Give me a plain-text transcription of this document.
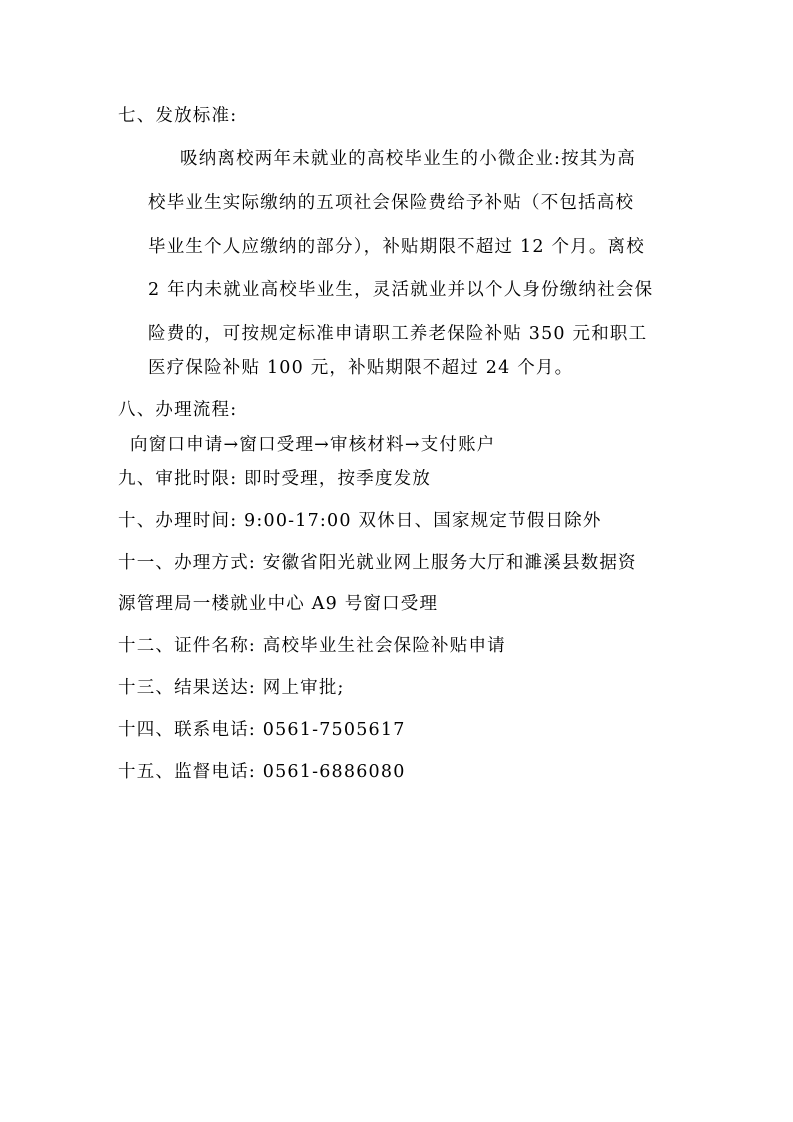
七、发放标准:
吸纳离校两年未就业的高校毕业生的小微企业:按其为高
校毕业生实际缴纳的五项社会保险费给予补贴（不包括高校
毕业生个人应缴纳的部分），补贴期限不超过 12 个月。离校
2 年内未就业高校毕业生，灵活就业并以个人身份缴纳社会保
险费的，可按规定标准申请职工养老保险补贴 350 元和职工
医疗保险补贴 100 元，补贴期限不超过 24 个月。
八、办理流程:
向窗口申请→窗口受理→审核材料→支付账户
九、审批时限: 即时受理，按季度发放
十、办理时间: 9:00-17:00 双休日、国家规定节假日除外
十一、办理方式: 安徽省阳光就业网上服务大厅和濉溪县数据资
源管理局一楼就业中心 A9 号窗口受理
十二、证件名称: 高校毕业生社会保险补贴申请
十三、结果送达: 网上审批;
十四、联系电话: 0561-7505617
十五、监督电话: 0561-6886080
